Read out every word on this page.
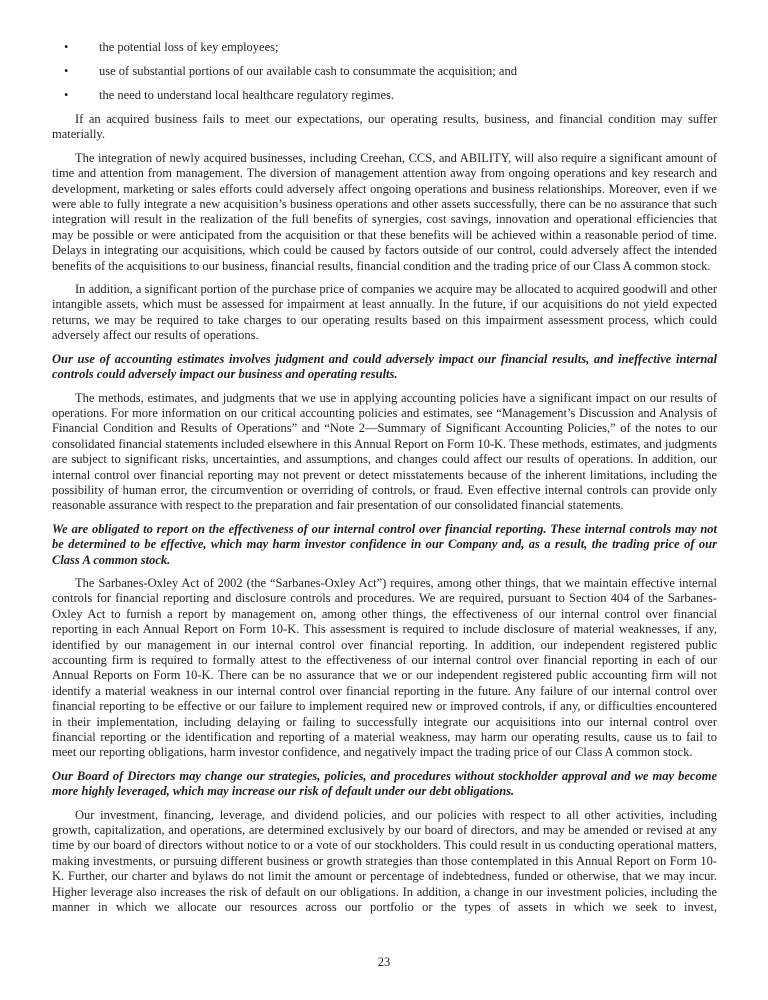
•	the potential loss of key employees;
•	use of substantial portions of our available cash to consummate the acquisition; and
•	the need to understand local healthcare regulatory regimes.

If an acquired business fails to meet our expectations, our operating results, business, and financial condition may suffer materially.

The integration of newly acquired businesses, including Creehan, CCS, and ABILITY, will also require a significant amount of time and attention from management. The diversion of management attention away from ongoing operations and key research and development, marketing or sales efforts could adversely affect ongoing operations and business relationships. Moreover, even if we were able to fully integrate a new acquisition’s business operations and other assets successfully, there can be no assurance that such integration will result in the realization of the full benefits of synergies, cost savings, innovation and operational efficiencies that may be possible or were anticipated from the acquisition or that these benefits will be achieved within a reasonable period of time. Delays in integrating our acquisitions, which could be caused by factors outside of our control, could adversely affect the intended benefits of the acquisitions to our business, financial results, financial condition and the trading price of our Class A common stock.

In addition, a significant portion of the purchase price of companies we acquire may be allocated to acquired goodwill and other intangible assets, which must be assessed for impairment at least annually. In the future, if our acquisitions do not yield expected returns, we may be required to take charges to our operating results based on this impairment assessment process, which could adversely affect our results of operations.

Our use of accounting estimates involves judgment and could adversely impact our financial results, and ineffective internal controls could adversely impact our business and operating results.

The methods, estimates, and judgments that we use in applying accounting policies have a significant impact on our results of operations. For more information on our critical accounting policies and estimates, see “Management’s Discussion and Analysis of Financial Condition and Results of Operations” and “Note 2—Summary of Significant Accounting Policies,” of the notes to our consolidated financial statements included elsewhere in this Annual Report on Form 10-K. These methods, estimates, and judgments are subject to significant risks, uncertainties, and assumptions, and changes could affect our results of operations. In addition, our internal control over financial reporting may not prevent or detect misstatements because of the inherent limitations, including the possibility of human error, the circumvention or overriding of controls, or fraud. Even effective internal controls can provide only reasonable assurance with respect to the preparation and fair presentation of our consolidated financial statements.

We are obligated to report on the effectiveness of our internal control over financial reporting. These internal controls may not be determined to be effective, which may harm investor confidence in our Company and, as a result, the trading price of our Class A common stock.

The Sarbanes-Oxley Act of 2002 (the “Sarbanes-Oxley Act”) requires, among other things, that we maintain effective internal controls for financial reporting and disclosure controls and procedures. We are required, pursuant to Section 404 of the Sarbanes-Oxley Act to furnish a report by management on, among other things, the effectiveness of our internal control over financial reporting in each Annual Report on Form 10-K. This assessment is required to include disclosure of material weaknesses, if any, identified by our management in our internal control over financial reporting. In addition, our independent registered public accounting firm is required to formally attest to the effectiveness of our internal control over financial reporting in each of our Annual Reports on Form 10-K. There can be no assurance that we or our independent registered public accounting firm will not identify a material weakness in our internal control over financial reporting in the future. Any failure of our internal control over financial reporting to be effective or our failure to implement required new or improved controls, if any, or difficulties encountered in their implementation, including delaying or failing to successfully integrate our acquisitions into our internal control over financial reporting or the identification and reporting of a material weakness, may harm our operating results, cause us to fail to meet our reporting obligations, harm investor confidence, and negatively impact the trading price of our Class A common stock.

Our Board of Directors may change our strategies, policies, and procedures without stockholder approval and we may become more highly leveraged, which may increase our risk of default under our debt obligations.

Our investment, financing, leverage, and dividend policies, and our policies with respect to all other activities, including growth, capitalization, and operations, are determined exclusively by our board of directors, and may be amended or revised at any time by our board of directors without notice to or a vote of our stockholders. This could result in us conducting operational matters, making investments, or pursuing different business or growth strategies than those contemplated in this Annual Report on Form 10-K. Further, our charter and bylaws do not limit the amount or percentage of indebtedness, funded or otherwise, that we may incur. Higher leverage also increases the risk of default on our obligations. In addition, a change in our investment policies, including the manner in which we allocate our resources across our portfolio or the types of assets in which we seek to invest,

23
